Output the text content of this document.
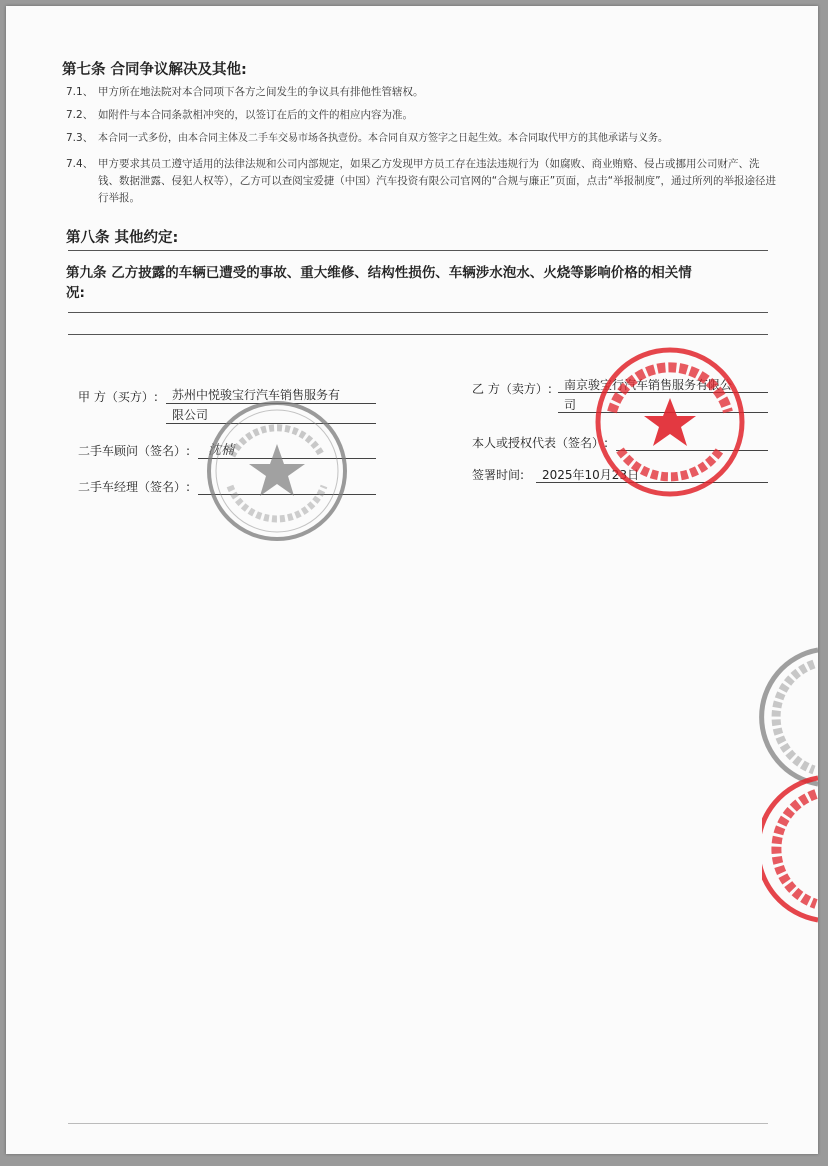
第七条 合同争议解决及其他:
7.1、 甲方所在地法院对本合同项下各方之间发生的争议具有排他性管辖权。
7.2、 如附件与本合同条款相冲突的，以签订在后的文件的相应内容为准。
7.3、 本合同一式多份，由本合同主体及二手车交易市场各执壹份。本合同自双方签字之日起生效。本合同取代甲方的其他承诺与义务。
7.4、 甲方要求其员工遵守适用的法律法规和公司内部规定，如果乙方发现甲方员工存在违法违规行为（如腐败、商业贿赂、侵占或挪用公司财产、洗钱、数据泄露、侵犯人权等），乙方可以查阅宝爱捷（中国）汽车投资有限公司官网的“合规与廉正”页面，点击“举报制度”，通过所列的举报途径进行举报。
第八条 其他约定:
第九条 乙方披露的车辆已遭受的事故、重大维修、结构性损伤、车辆涉水泡水、火烧等影响价格的相关情
况:
甲 方（买方）: 苏州中悦骏宝行汽车销售服务有
限公司
二手车顾问（签名）: 沈楠
二手车经理（签名）:
乙 方（卖方）: 南京骏宝行汽车销售服务有限公
司
本人或授权代表（签名）:
签署时间: 2025年10月23日
